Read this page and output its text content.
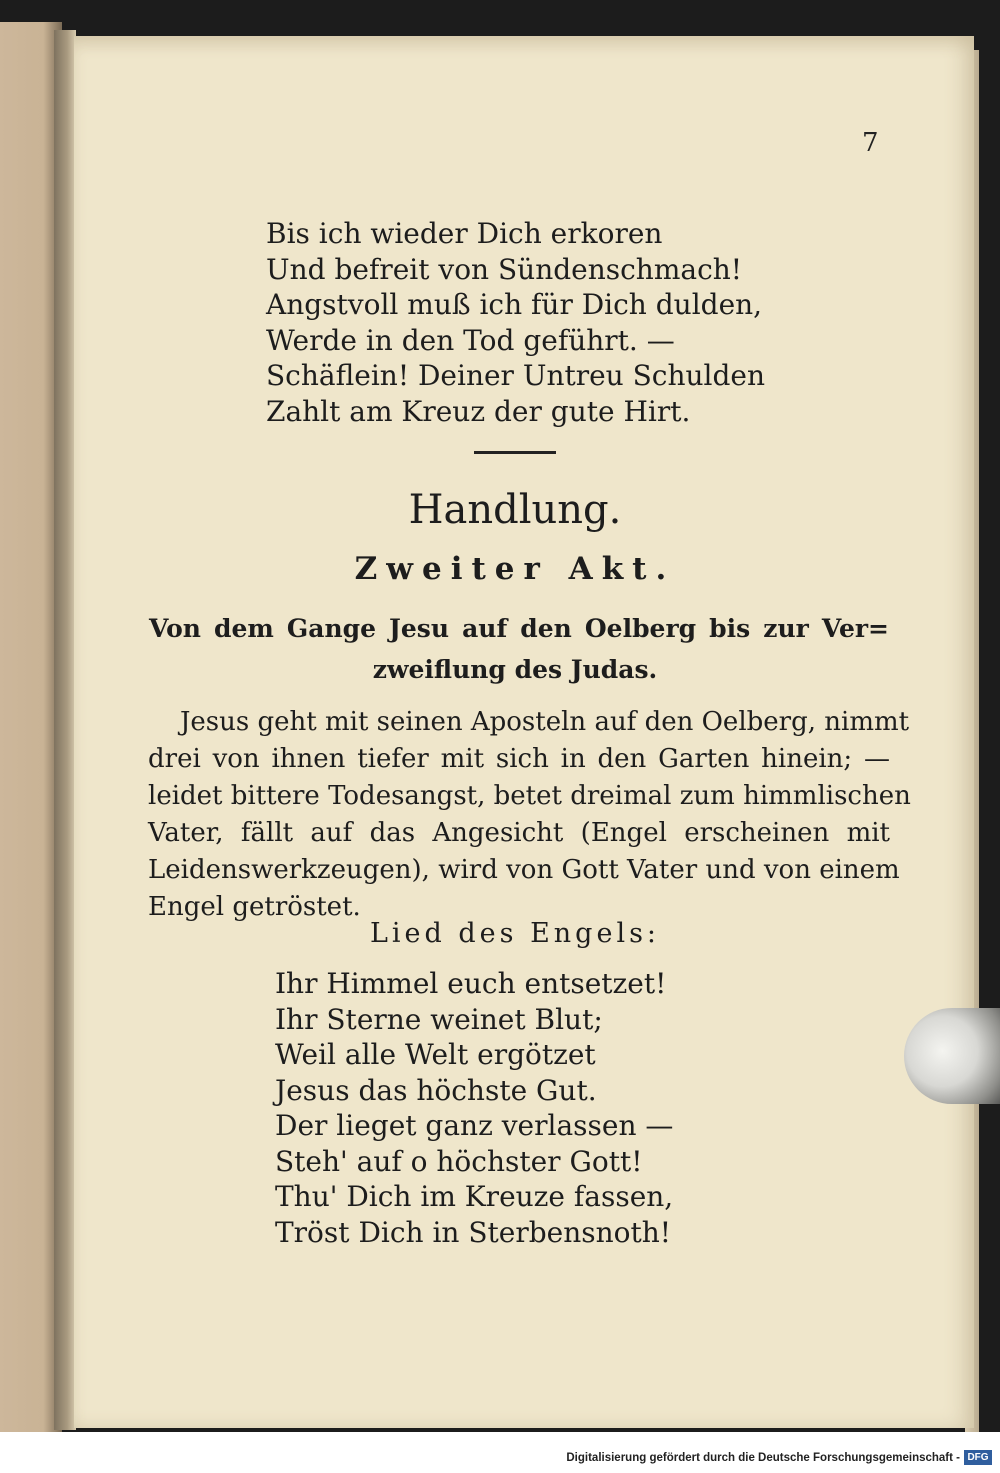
7
Bis ich wieder Dich erkoren
Und befreit von Sündenschmach!
Angstvoll muß ich für Dich dulden,
Werde in den Tod geführt. —
Schäflein! Deiner Untreu Schulden
Zahlt am Kreuz der gute Hirt.
Handlung.
Zweiter Akt.
Von dem Gange Jesu auf den Oelberg bis zur Ver=
zweiflung des Judas.
Jesus geht mit seinen Aposteln auf den Oelberg, nimmt
drei von ihnen tiefer mit sich in den Garten hinein; —
leidet bittere Todesangst, betet dreimal zum himmlischen
Vater, fällt auf das Angesicht (Engel erscheinen mit
Leidenswerkzeugen), wird von Gott Vater und von einem
Engel getröstet.
Lied des Engels:
Ihr Himmel euch entsetzet!
Ihr Sterne weinet Blut;
Weil alle Welt ergötzet
Jesus das höchste Gut.
Der lieget ganz verlassen —
Steh' auf o höchster Gott!
Thu' Dich im Kreuze fassen,
Tröst Dich in Sterbensnoth!
Digitalisierung gefördert durch die Deutsche Forschungsgemeinschaft - DFG
